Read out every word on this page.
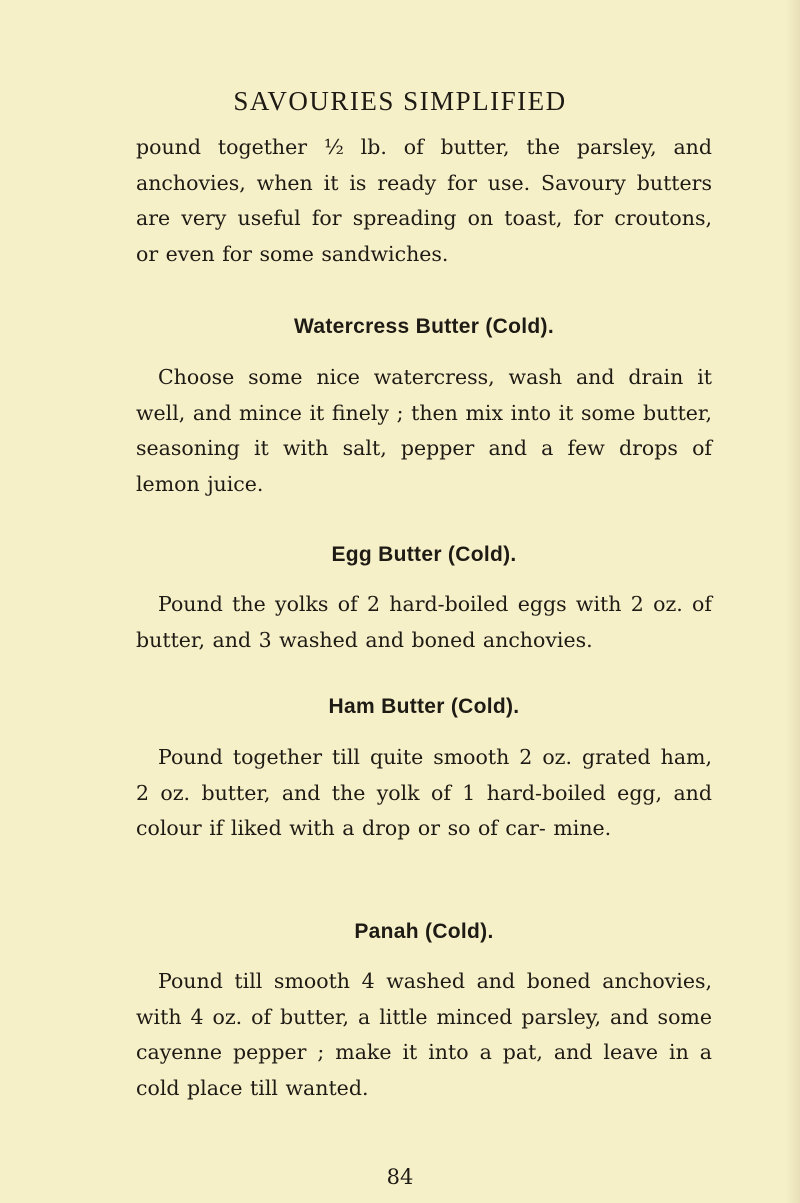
SAVOURIES SIMPLIFIED

pound together ½ lb. of butter, the parsley, and anchovies, when it is ready for use. Savoury butters are very useful for spreading on toast, for croutons, or even for some sandwiches.

Watercress Butter (Cold).

Choose some nice watercress, wash and drain it well, and mince it finely ; then mix into it some butter, seasoning it with salt, pepper and a few drops of lemon juice.

Egg Butter (Cold).

Pound the yolks of 2 hard-boiled eggs with 2 oz. of butter, and 3 washed and boned anchovies.

Ham Butter (Cold).

Pound together till quite smooth 2 oz. grated ham, 2 oz. butter, and the yolk of 1 hard-boiled egg, and colour if liked with a drop or so of car- mine.

Panah (Cold).

Pound till smooth 4 washed and boned anchovies, with 4 oz. of butter, a little minced parsley, and some cayenne pepper ; make it into a pat, and leave in a cold place till wanted.

84
